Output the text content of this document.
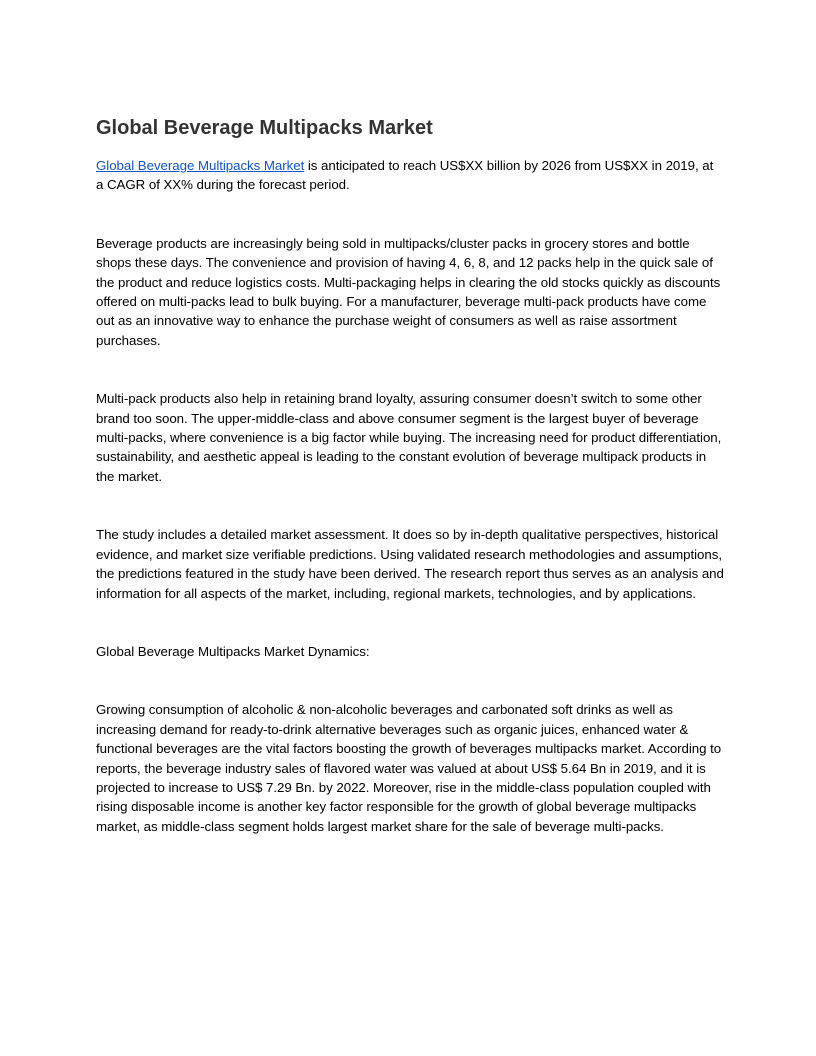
Global Beverage Multipacks Market

Global Beverage Multipacks Market is anticipated to reach US$XX billion by 2026 from US$XX in 2019, at a CAGR of XX% during the forecast period.

Beverage products are increasingly being sold in multipacks/cluster packs in grocery stores and bottle shops these days. The convenience and provision of having 4, 6, 8, and 12 packs help in the quick sale of the product and reduce logistics costs. Multi-packaging helps in clearing the old stocks quickly as discounts offered on multi-packs lead to bulk buying. For a manufacturer, beverage multi-pack products have come out as an innovative way to enhance the purchase weight of consumers as well as raise assortment purchases.

Multi-pack products also help in retaining brand loyalty, assuring consumer doesn’t switch to some other brand too soon. The upper-middle-class and above consumer segment is the largest buyer of beverage multi-packs, where convenience is a big factor while buying. The increasing need for product differentiation, sustainability, and aesthetic appeal is leading to the constant evolution of beverage multipack products in the market.

The study includes a detailed market assessment. It does so by in-depth qualitative perspectives, historical evidence, and market size verifiable predictions. Using validated research methodologies and assumptions, the predictions featured in the study have been derived. The research report thus serves as an analysis and information for all aspects of the market, including, regional markets, technologies, and by applications.

Global Beverage Multipacks Market Dynamics:

Growing consumption of alcoholic & non-alcoholic beverages and carbonated soft drinks as well as increasing demand for ready-to-drink alternative beverages such as organic juices, enhanced water & functional beverages are the vital factors boosting the growth of beverages multipacks market. According to reports, the beverage industry sales of flavored water was valued at about US$ 5.64 Bn in 2019, and it is projected to increase to US$ 7.29 Bn. by 2022. Moreover, rise in the middle-class population coupled with rising disposable income is another key factor responsible for the growth of global beverage multipacks market, as middle-class segment holds largest market share for the sale of beverage multi-packs.
